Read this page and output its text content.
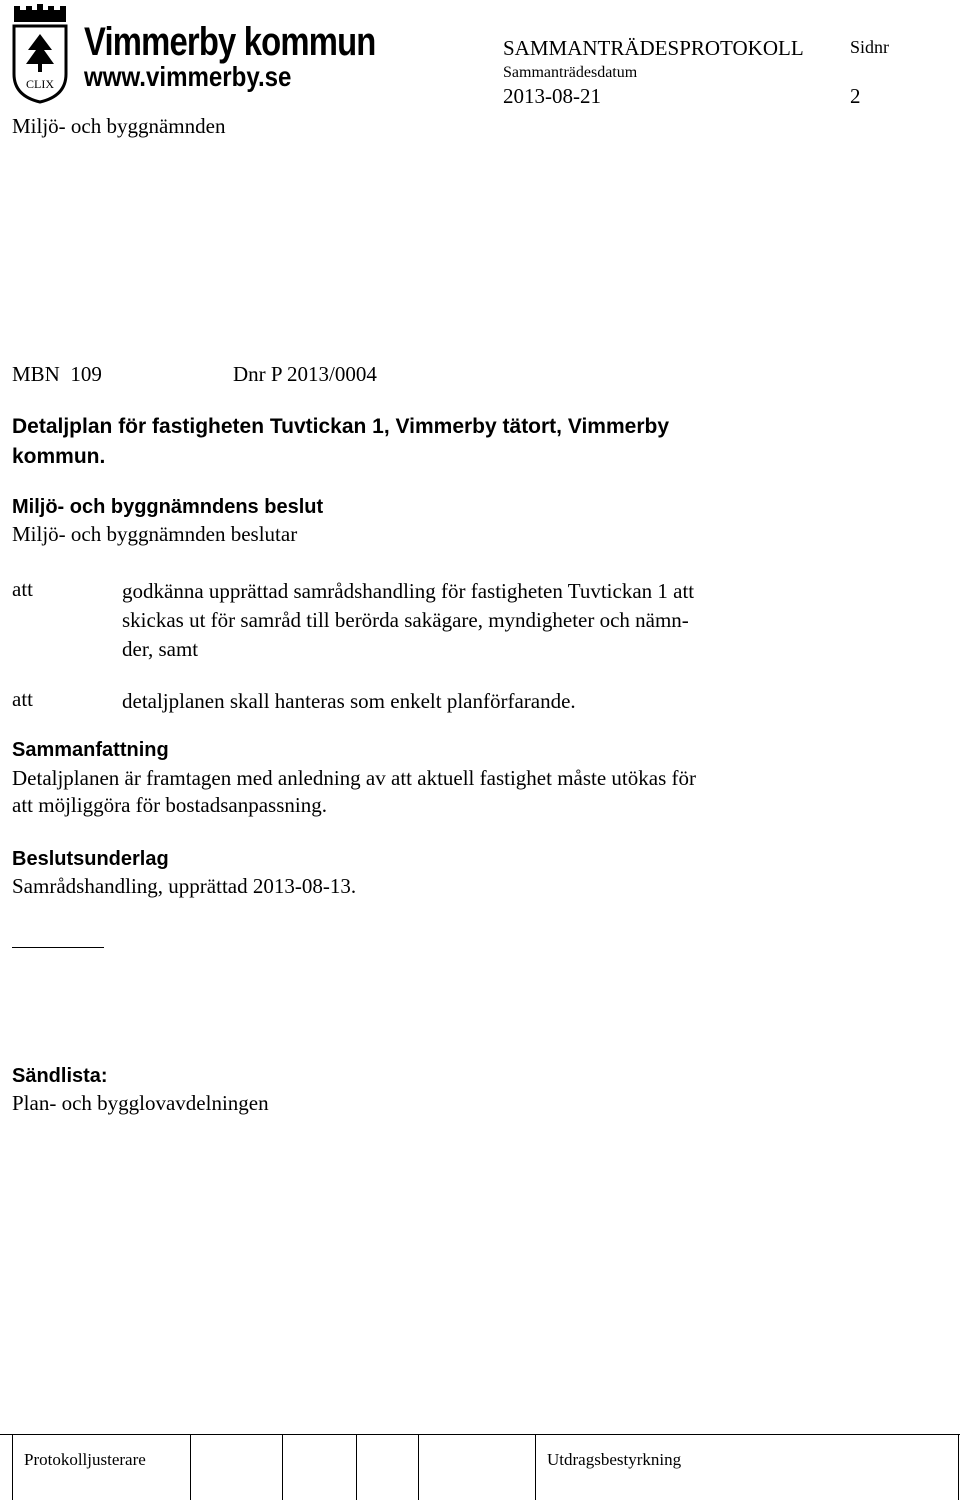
CLIX
Vimmerby kommun
www.vimmerby.se
SAMMANTRÄDESPROTOKOLL	Sidnr
Sammanträdesdatum
2013-08-21	2
Miljö- och byggnämnden
MBN  109	Dnr P 2013/0004
Detaljplan för fastigheten Tuvtickan 1, Vimmerby tätort, Vimmerby kommun.
Miljö- och byggnämndens beslut
Miljö- och byggnämnden beslutar
att	godkänna upprättad samrådshandling för fastigheten Tuvtickan 1 att
skickas ut för samråd till berörda sakägare, myndigheter och nämn-
der, samt
att	detaljplanen skall hanteras som enkelt planförfarande.
Sammanfattning
Detaljplanen är framtagen med anledning av att aktuell fastighet måste utökas för
att möjliggöra för bostadsanpassning.
Beslutsunderlag
Samrådshandling, upprättad 2013-08-13.
Sändlista:
Plan- och bygglovavdelningen
Protokolljusterare	Utdragsbestyrkning
